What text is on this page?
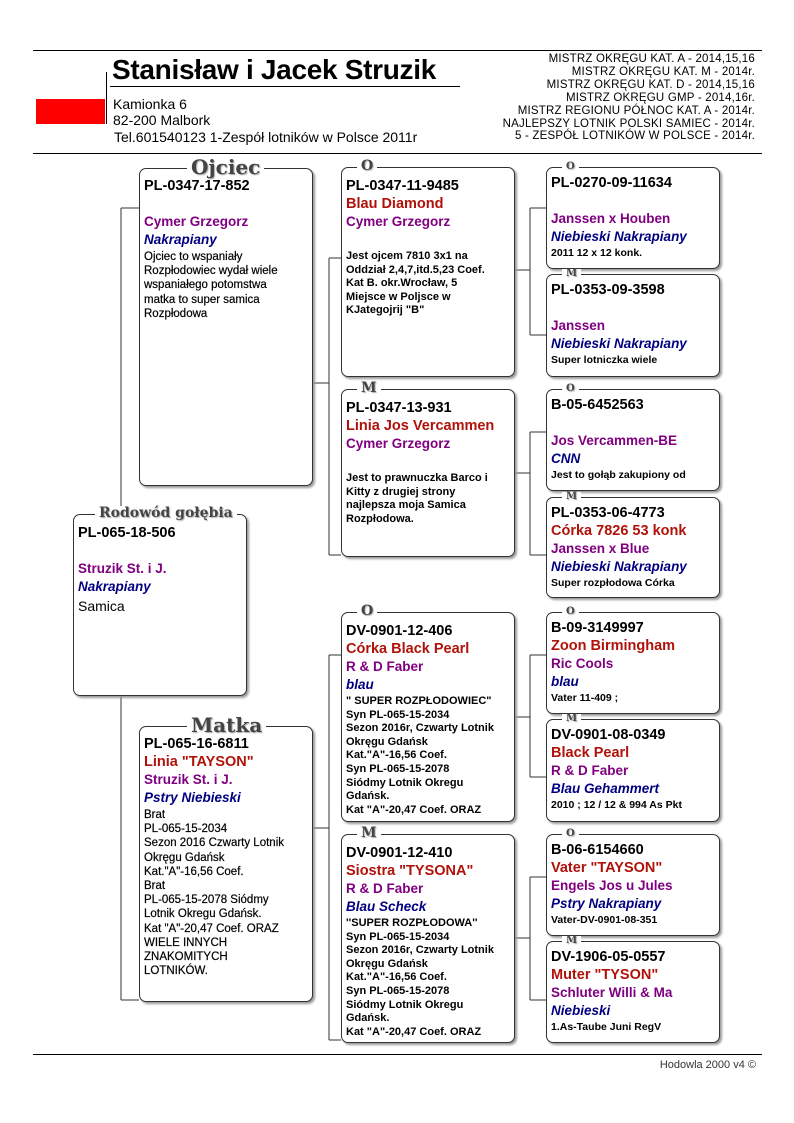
Stanisław i Jacek Struzik
Kamionka 6
82-200 Malbork
Tel.601540123 1-Zespół lotników w Polsce 2011r
MISTRZ OKRĘGU KAT. A - 2014,15,16
MISTRZ OKRĘGU KAT. M - 2014r.
MISTRZ OKRĘGU KAT. D - 2014,15,16
MISTRZ OKRĘGU GMP - 2014,16r.
MISTRZ REGIONU PÓŁNOC KAT. A - 2014r.
NAJLEPSZY LOTNIK POLSKI SAMIEC - 2014r.
5 - ZESPÓŁ LOTNIKÓW W POLSCE - 2014r.
PL-065-18-506
Struzik St. i J.
Nakrapiany
Samica
Rodowód gołębia
PL-0347-17-852
Cymer Grzegorz
Nakrapiany
Ojciec to wspaniały
Rozpłodowiec wydał wiele
wspaniałego potomstwa
matka to super samica
Rozpłodowa
Ojciec
PL-065-16-6811
Linia "TAYSON"
Struzik St. i J.
Pstry Niebieski
Brat
PL-065-15-2034
Sezon 2016 Czwarty Lotnik
Okręgu Gdańsk
Kat."A"-16,56 Coef.
Brat
PL-065-15-2078 Siódmy
Lotnik Okregu Gdańsk.
Kat "A"-20,47 Coef. ORAZ
WIELE INNYCH
ZNAKOMITYCH
LOTNIKÓW.
Matka
PL-0347-11-9485
Blau Diamond
Cymer Grzegorz
Jest ojcem 7810 3x1 na
Oddział 2,4,7,itd.5,23 Coef.
Kat B. okr.Wrocław, 5
Miejsce w Poljsce w
KJategojrij "B"
O
PL-0347-13-931
Linia Jos Vercammen
Cymer Grzegorz
Jest to prawnuczka Barco i
Kitty z drugiej strony
najlepsza moja Samica
Rozpłodowa.
M
DV-0901-12-406
Córka Black Pearl
R & D Faber
blau
" SUPER ROZPŁODOWIEC"
Syn PL-065-15-2034
Sezon 2016r, Czwarty Lotnik
Okręgu Gdańsk
Kat."A"-16,56 Coef.
Syn PL-065-15-2078
Siódmy Lotnik Okregu
Gdańsk.
Kat "A"-20,47 Coef. ORAZ
O
DV-0901-12-410
Siostra "TYSONA"
R & D Faber
Blau Scheck
''SUPER ROZPŁODOWA''
Syn PL-065-15-2034
Sezon 2016r, Czwarty Lotnik
Okręgu Gdańsk
Kat."A"-16,56 Coef.
Syn PL-065-15-2078
Siódmy Lotnik Okregu
Gdańsk.
Kat "A"-20,47 Coef. ORAZ
M
PL-0270-09-11634
Janssen x Houben
Niebieski Nakrapiany
2011 12 x 12 konk.
O
PL-0353-09-3598
Janssen
Niebieski Nakrapiany
Super lotniczka wiele
M
B-05-6452563
Jos Vercammen-BE
CNN
Jest to gołąb zakupiony od
O
PL-0353-06-4773
Córka 7826 53 konk
Janssen x Blue
Niebieski Nakrapiany
Super rozpłodowa Córka
M
B-09-3149997
Zoon Birmingham
Ric Cools
blau
Vater 11-409 ;
O
DV-0901-08-0349
Black Pearl
R & D Faber
Blau Gehammert
2010 ; 12 / 12 & 994 As Pkt
M
B-06-6154660
Vater "TAYSON"
Engels Jos u Jules
Pstry Nakrapiany
Vater-DV-0901-08-351
O
DV-1906-05-0557
Muter "TYSON"
Schluter Willi & Ma
Niebieski
1.As-Taube Juni RegV
M
Hodowla 2000 v4 ©
